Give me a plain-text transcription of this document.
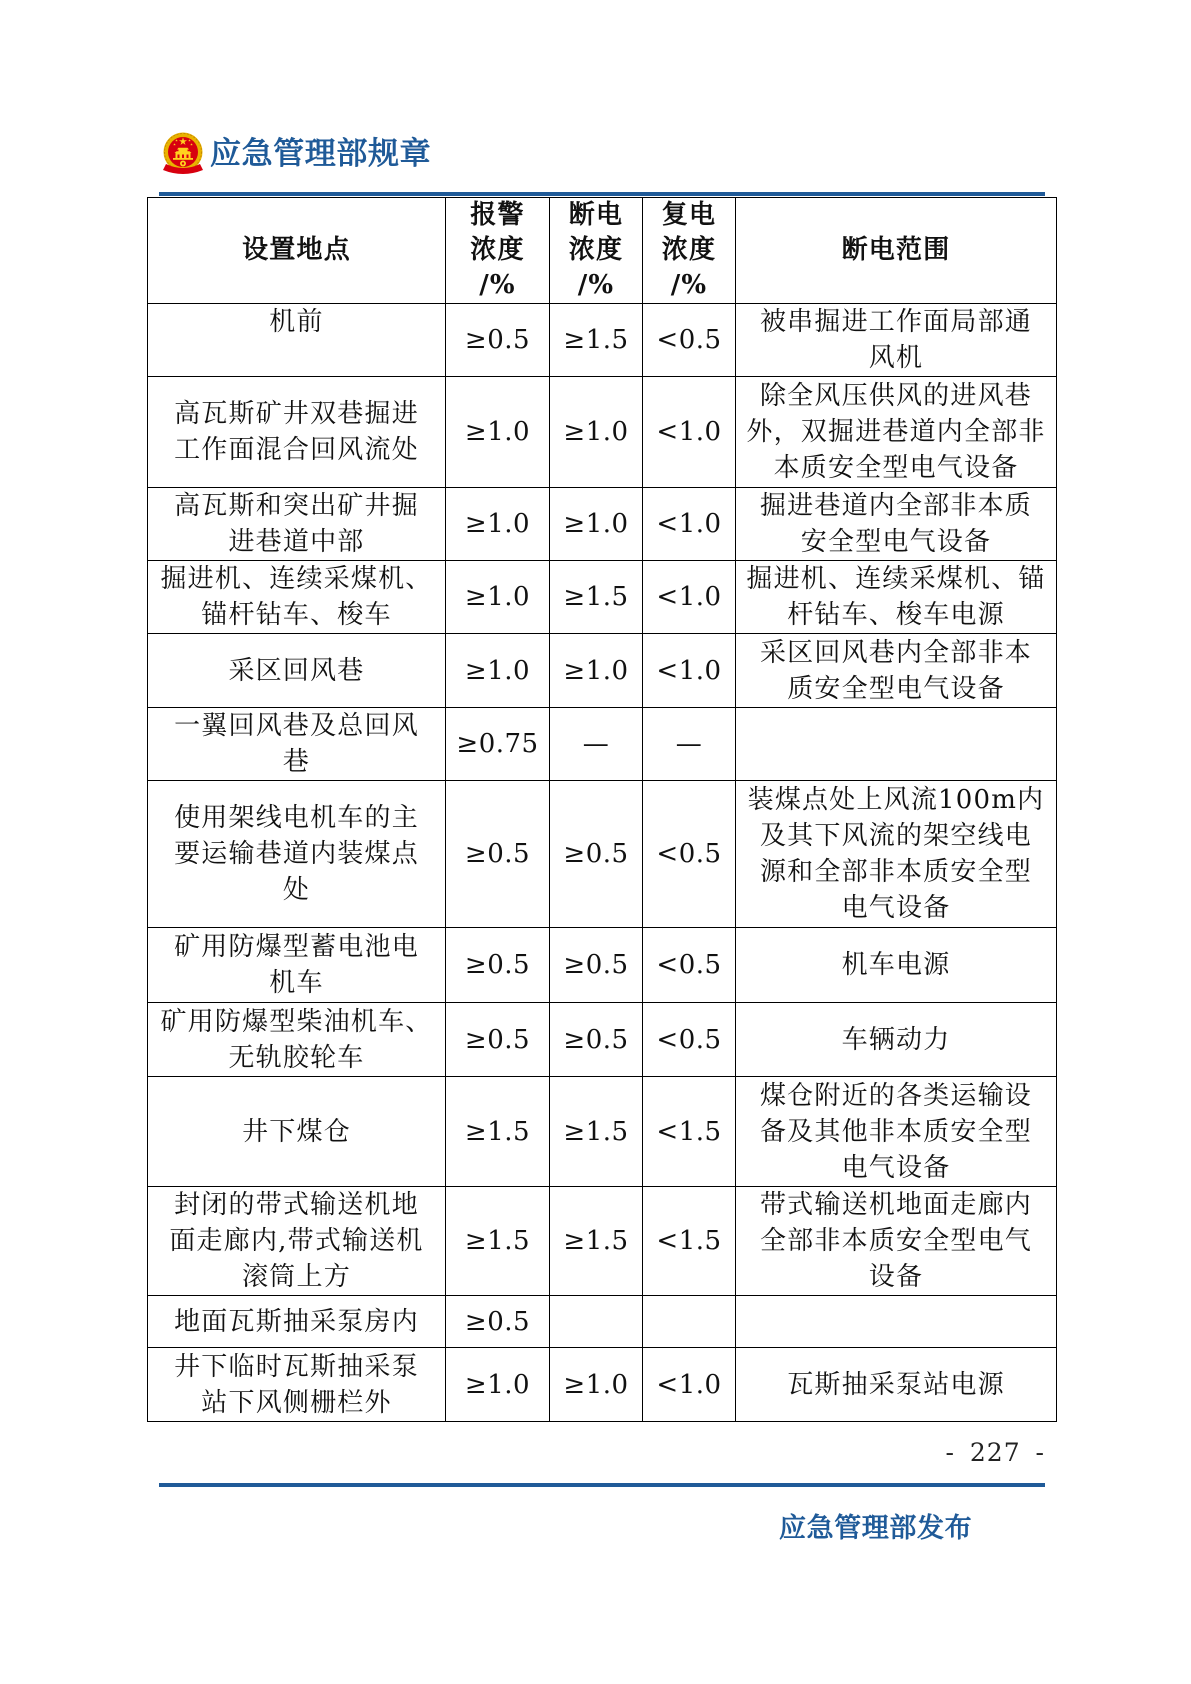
应急管理部规章
设置地点	报警
浓度
/%	断电
浓度
/%	复电
浓度
/%	断电范围

机前	≥0.5	≥1.5	<0.5	被串掘进工作面局部通
风机

高瓦斯矿井双巷掘进
工作面混合回风流处	≥1.0	≥1.0	<1.0	除全风压供风的进风巷
外，双掘进巷道内全部非
本质安全型电气设备

高瓦斯和突出矿井掘
进巷道中部	≥1.0	≥1.0	<1.0	掘进巷道内全部非本质
安全型电气设备

掘进机、连续采煤机、
锚杆钻车、梭车	≥1.0	≥1.5	<1.0	掘进机、连续采煤机、锚
杆钻车、梭车电源

采区回风巷	≥1.0	≥1.0	<1.0	采区回风巷内全部非本
质安全型电气设备

一翼回风巷及总回风
巷	≥0.75	—	—	

使用架线电机车的主
要运输巷道内装煤点
处	≥0.5	≥0.5	<0.5	装煤点处上风流100m内
及其下风流的架空线电
源和全部非本质安全型
电气设备

矿用防爆型蓄电池电
机车	≥0.5	≥0.5	<0.5	机车电源

矿用防爆型柴油机车、
无轨胶轮车	≥0.5	≥0.5	<0.5	车辆动力

井下煤仓	≥1.5	≥1.5	<1.5	煤仓附近的各类运输设
备及其他非本质安全型
电气设备

封闭的带式输送机地
面走廊内,带式输送机
滚筒上方	≥1.5	≥1.5	<1.5	带式输送机地面走廊内
全部非本质安全型电气
设备

地面瓦斯抽采泵房内	≥0.5			

井下临时瓦斯抽采泵
站下风侧栅栏外	≥1.0	≥1.0	<1.0	瓦斯抽采泵站电源
- 227 -
应急管理部发布
